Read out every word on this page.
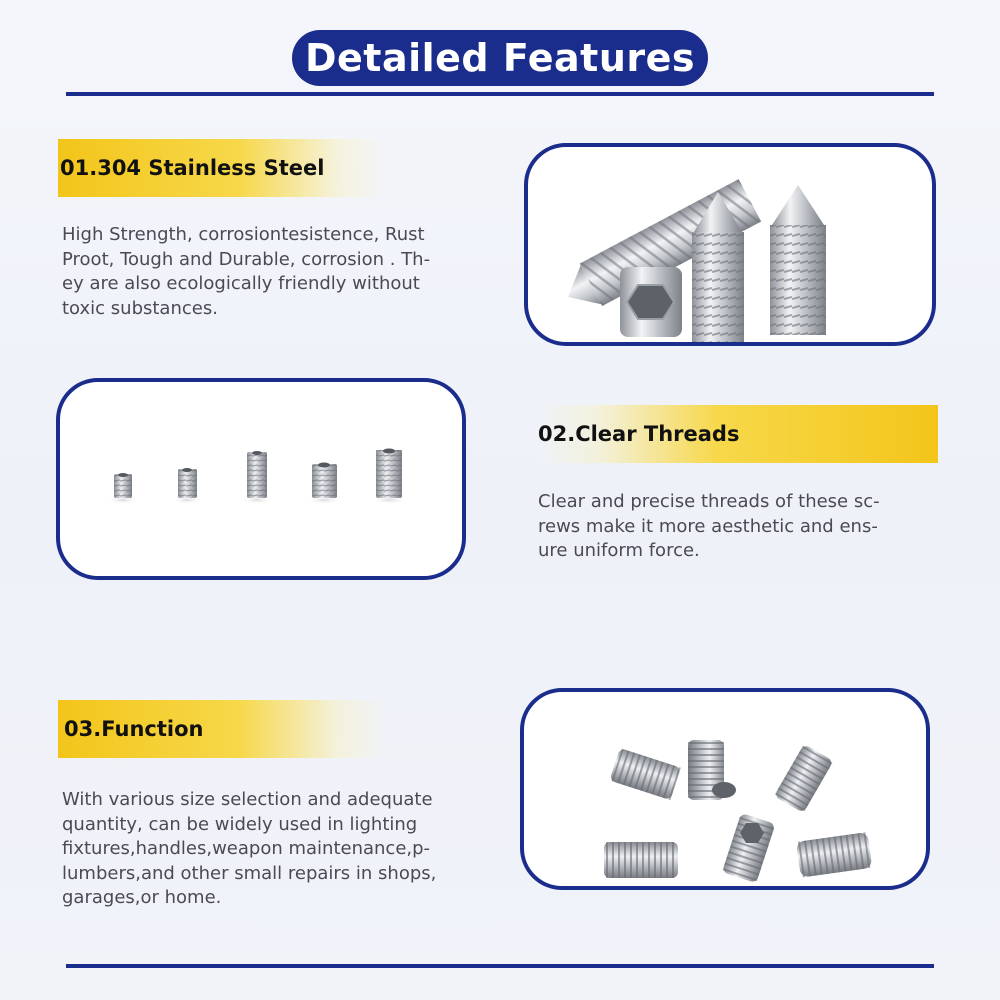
Detailed Features
01.304 Stainless Steel
High Strength, corrosiontesistence, Rust
Proot, Tough and Durable, corrosion . Th-
ey are also ecologically friendly without
toxic substances.
02.Clear Threads
Clear and precise threads of these sc-
rews make it more aesthetic and ens-
ure uniform force.
03.Function
With various size selection and adequate
quantity, can be widely used in lighting
fixtures,handles,weapon maintenance,p-
lumbers,and other small repairs in shops,
garages,or home.
